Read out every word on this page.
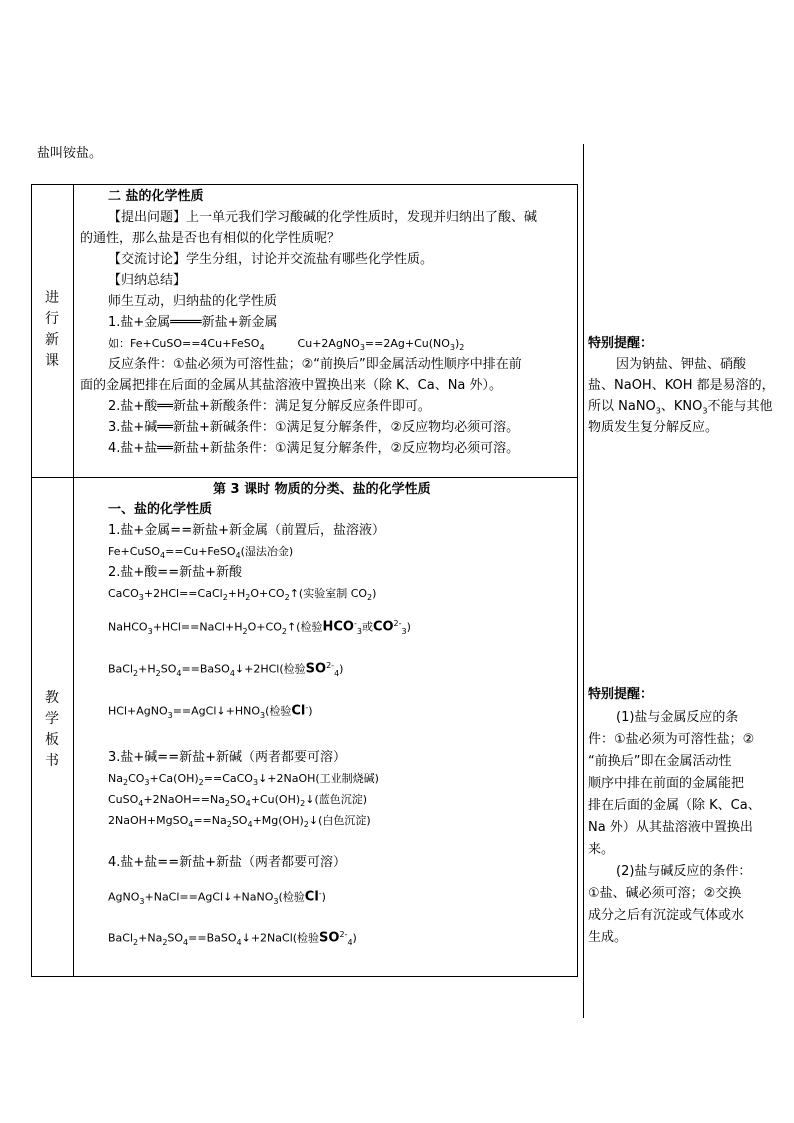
盐叫铵盐。
进
行
新
课
二 盐的化学性质
【提出问题】上一单元我们学习酸碱的化学性质时，发现并归纳出了酸、碱
的通性，那么盐是否也有相似的化学性质呢？
【交流讨论】学生分组，讨论并交流盐有哪些化学性质。
【归纳总结】
师生互动，归纳盐的化学性质
1.盐+金属════新盐+新金属
如：Fe+CuSO==4Cu+FeSO$_4$	$Cu+2AgNO_3==2Ag+Cu(NO_3)_2$
反应条件：①盐必须为可溶性盐；②“前换后”即金属活动性顺序中排在前
面的金属把排在后面的金属从其盐溶液中置换出来（除 K、Ca、Na 外）。
2.盐+酸══新盐+新酸条件：满足复分解反应条件即可。
3.盐+碱══新盐+新碱条件：①满足复分解条件，②反应物均必须可溶。
4.盐+盐══新盐+新盐条件：①满足复分解条件，②反应物均必须可溶。
教
学
板
书
第 3 课时 物质的分类、盐的化学性质
一、盐的化学性质
1.盐+金属==新盐+新金属（前置后，盐溶液）
Fe+CuSO$_4$==Cu+FeSO$_4$(湿法冶金)
2.盐+酸==新盐+新酸
$CaCO_3+2HCl==CaCl_2+H_2O+CO_2↑$(实验室制 $CO_2$)
$NaHCO_3+HCl==NaCl+H_2O+CO_2↑$(检验$HCO^-_3$或$CO^{2-}_3$)
$BaCl_2+H_2SO_4==BaSO_4↓+2HCl$(检验$SO^{2-}_4$)
$HCl+AgNO_3==AgCl↓+HNO_3$(检验Cl-)
3.盐+碱==新盐+新碱（两者都要可溶）
$Na_2CO_3+Ca(OH)_2==CaCO_3↓+2NaOH$(工业制烧碱)
$CuSO_4+2NaOH==Na_2SO_4+Cu(OH)_2↓$(蓝色沉淀)
$2NaOH+MgSO_4==Na_2SO_4+Mg(OH)_2↓$(白色沉淀)
4.盐+盐==新盐+新盐（两者都要可溶）
AgNO$_3$+NaCl==AgCl↓+NaNO$_3$(检验Cl-)
$BaCl_2+Na_2SO_4==BaSO_4↓+2NaCl$(检验$SO^{2-}_4$)
特别提醒：
因为钠盐、钾盐、硝酸
盐、NaOH、KOH 都是易溶的，
所以 NaNO$_3$、$KNO_3$不能与其他
物质发生复分解反应。
特别提醒：
(1)盐与金属反应的条
件：①盐必须为可溶性盐；②
“前换后”即在金属活动性
顺序中排在前面的金属能把
排在后面的金属（除 K、Ca、
Na 外）从其盐溶液中置换出
来。
(2)盐与碱反应的条件：
①盐、碱必须可溶；②交换
成分之后有沉淀或气体或水
生成。
